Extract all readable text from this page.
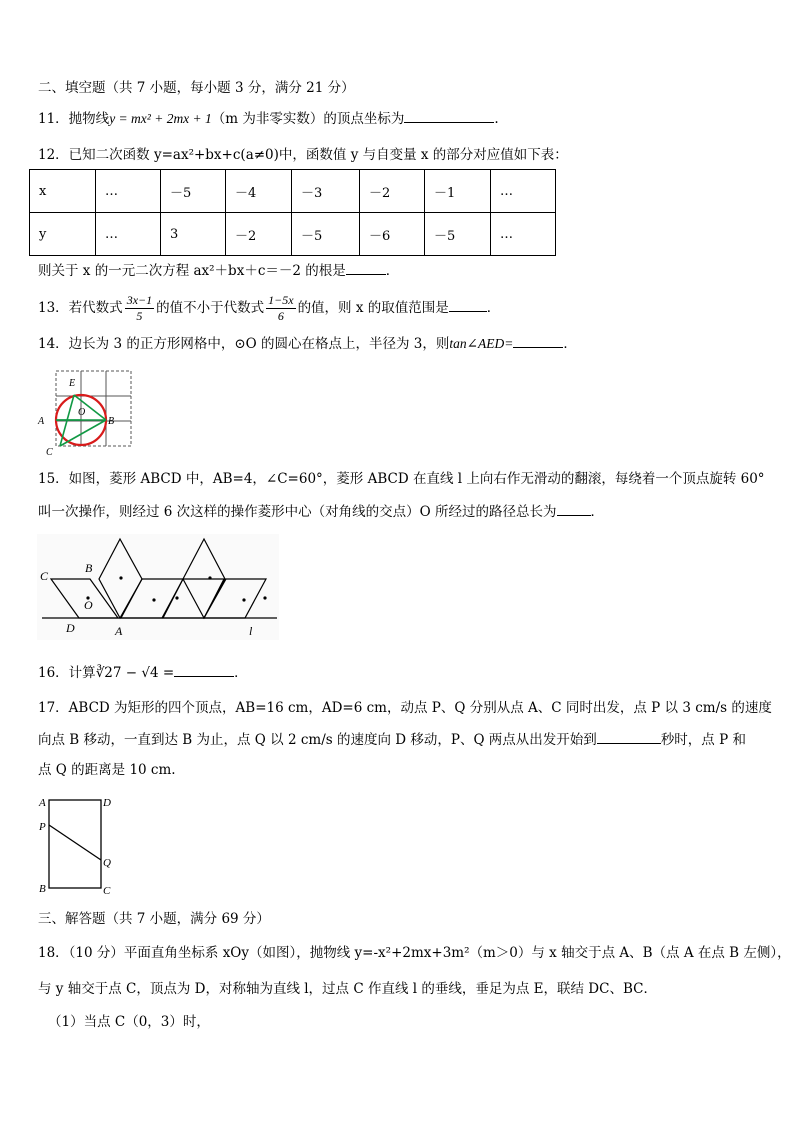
二、填空题（共 7 小题，每小题 3 分，满分 21 分）
11．抛物线y = mx² + 2mx + 1（m 为非零实数）的顶点坐标为	.
12．已知二次函数 y=ax²+bx+c(a≠0)中，函数值 y 与自变量 x 的部分对应值如下表：
x	…	－5	－4	－3	－2	－1	…
y	…	3	－2	－5	－6	－5	…
则关于 x 的一元二次方程 ax²＋bx＋c＝－2 的根是	．
13．若代数式 $\frac{3x-1}{5}$ 的值不小于代数式 $\frac{1-5x}{6}$ 的值，则 x 的取值范围是	．
14．边长为 3 的正方形网格中，⊙O 的圆心在格点上，半径为 3，则tan∠AED=	．
E
O
A	B
C
15．如图，菱形 ABCD 中，AB=4，∠C=60°，菱形 ABCD 在直线 l 上向右作无滑动的翻滚，每绕着一个顶点旋转 60°
叫一次操作，则经过 6 次这样的操作菱形中心（对角线的交点）O 所经过的路径总长为	．
C
B
O
D	A	l
16．计算∛27 − √4 =	．
17．ABCD 为矩形的四个顶点，AB=16 cm，AD=6 cm，动点 P、Q 分别从点 A、C 同时出发，点 P 以 3 cm/s 的速度
向点 B 移动，一直到达 B 为止，点 Q 以 2 cm/s 的速度向 D 移动，P、Q 两点从出发开始到	秒时，点 P 和
点 Q 的距离是 10 cm.
A	D
P
Q
B	C
三、解答题（共 7 小题，满分 69 分）
18．（10 分）平面直角坐标系 xOy（如图），抛物线 y=-x²+2mx+3m²（m＞0）与 x 轴交于点 A、B（点 A 在点 B 左侧），
与 y 轴交于点 C，顶点为 D，对称轴为直线 l，过点 C 作直线 l 的垂线，垂足为点 E，联结 DC、BC．
（1）当点 C（0，3）时，
